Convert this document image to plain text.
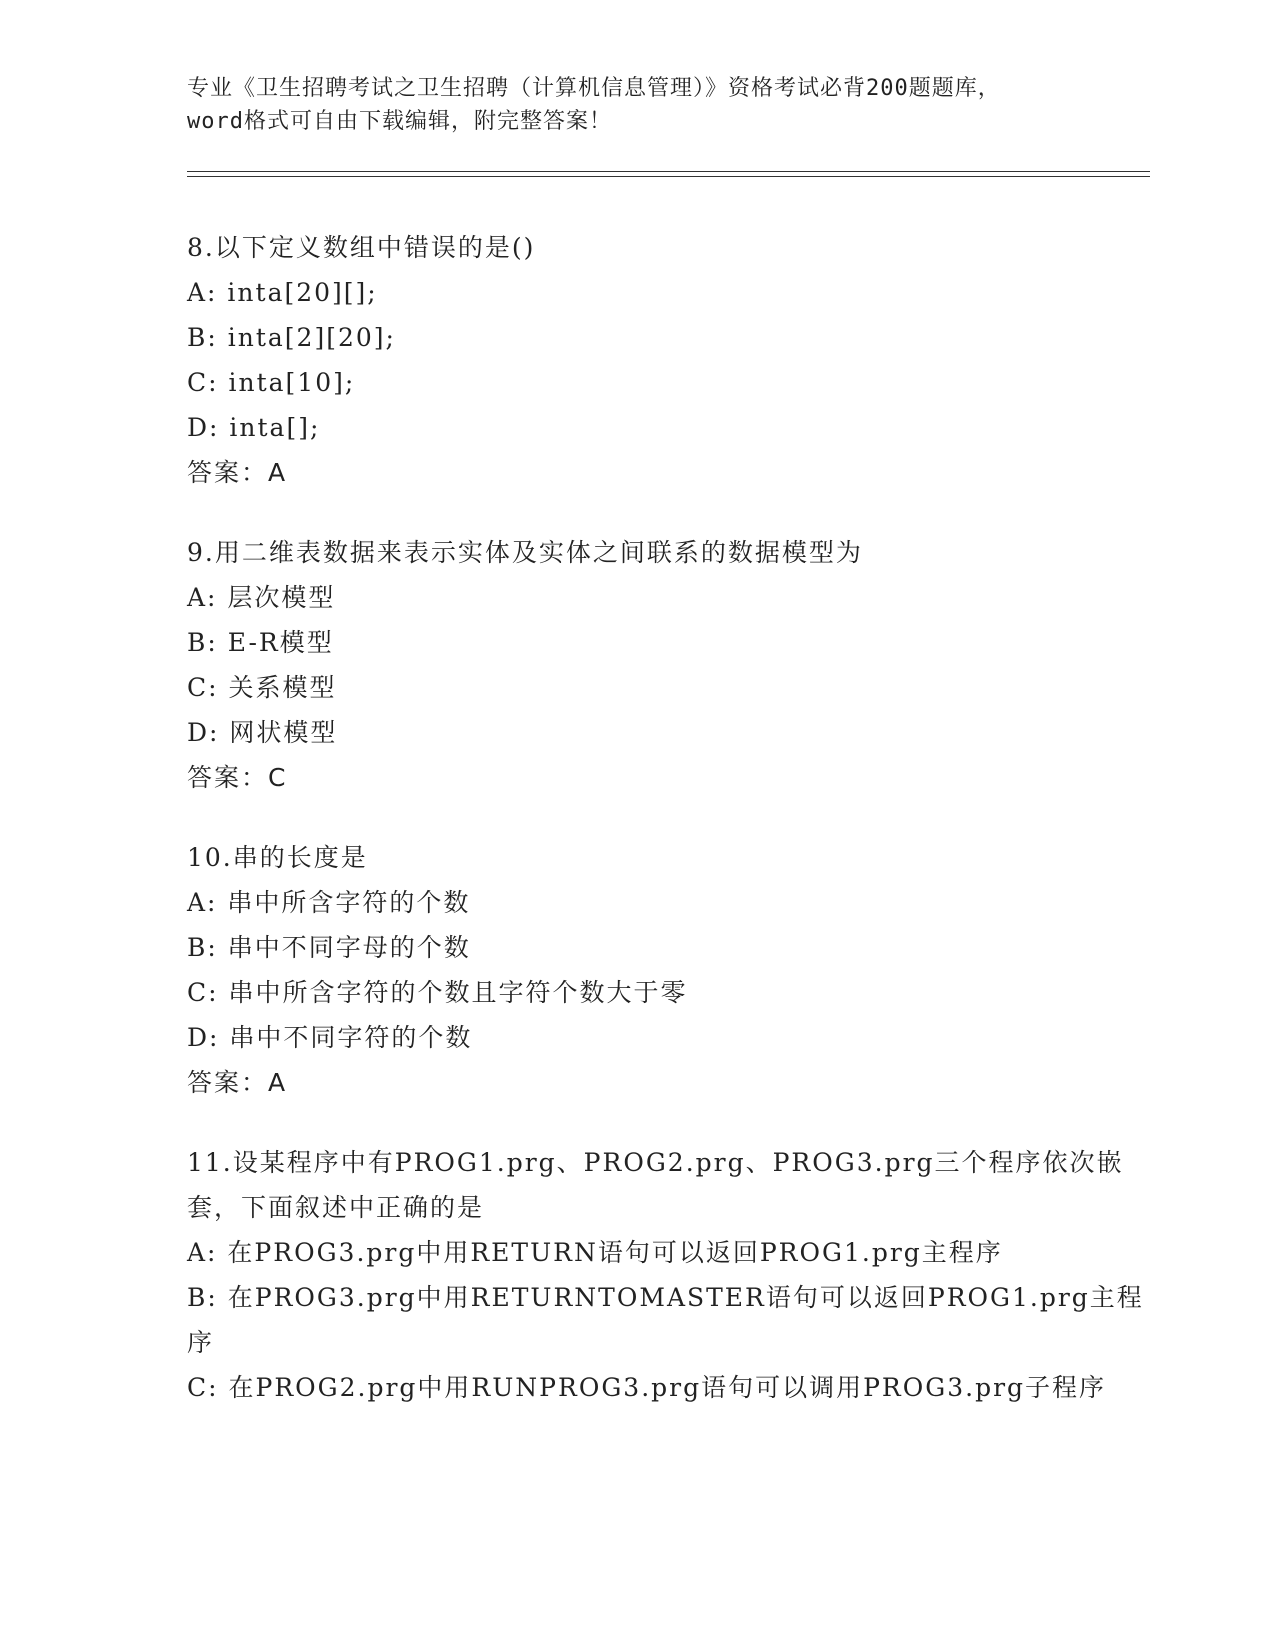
专业《卫生招聘考试之卫生招聘（计算机信息管理）》资格考试必背200题题库，
word格式可自由下载编辑，附完整答案！
8.以下定义数组中错误的是()
A: inta[20][];
B: inta[2][20];
C: inta[10];
D: inta[];
答案：A
9.用二维表数据来表示实体及实体之间联系的数据模型为
A: 层次模型
B: E-R模型
C: 关系模型
D: 网状模型
答案：C
10.串的长度是
A: 串中所含字符的个数
B: 串中不同字母的个数
C: 串中所含字符的个数且字符个数大于零
D: 串中不同字符的个数
答案：A
11.设某程序中有PROG1.prg、PROG2.prg、PROG3.prg三个程序依次嵌
套，下面叙述中正确的是
A: 在PROG3.prg中用RETURN语句可以返回PROG1.prg主程序
B: 在PROG3.prg中用RETURNTOMASTER语句可以返回PROG1.prg主程
序
C: 在PROG2.prg中用RUNPROG3.prg语句可以调用PROG3.prg子程序
